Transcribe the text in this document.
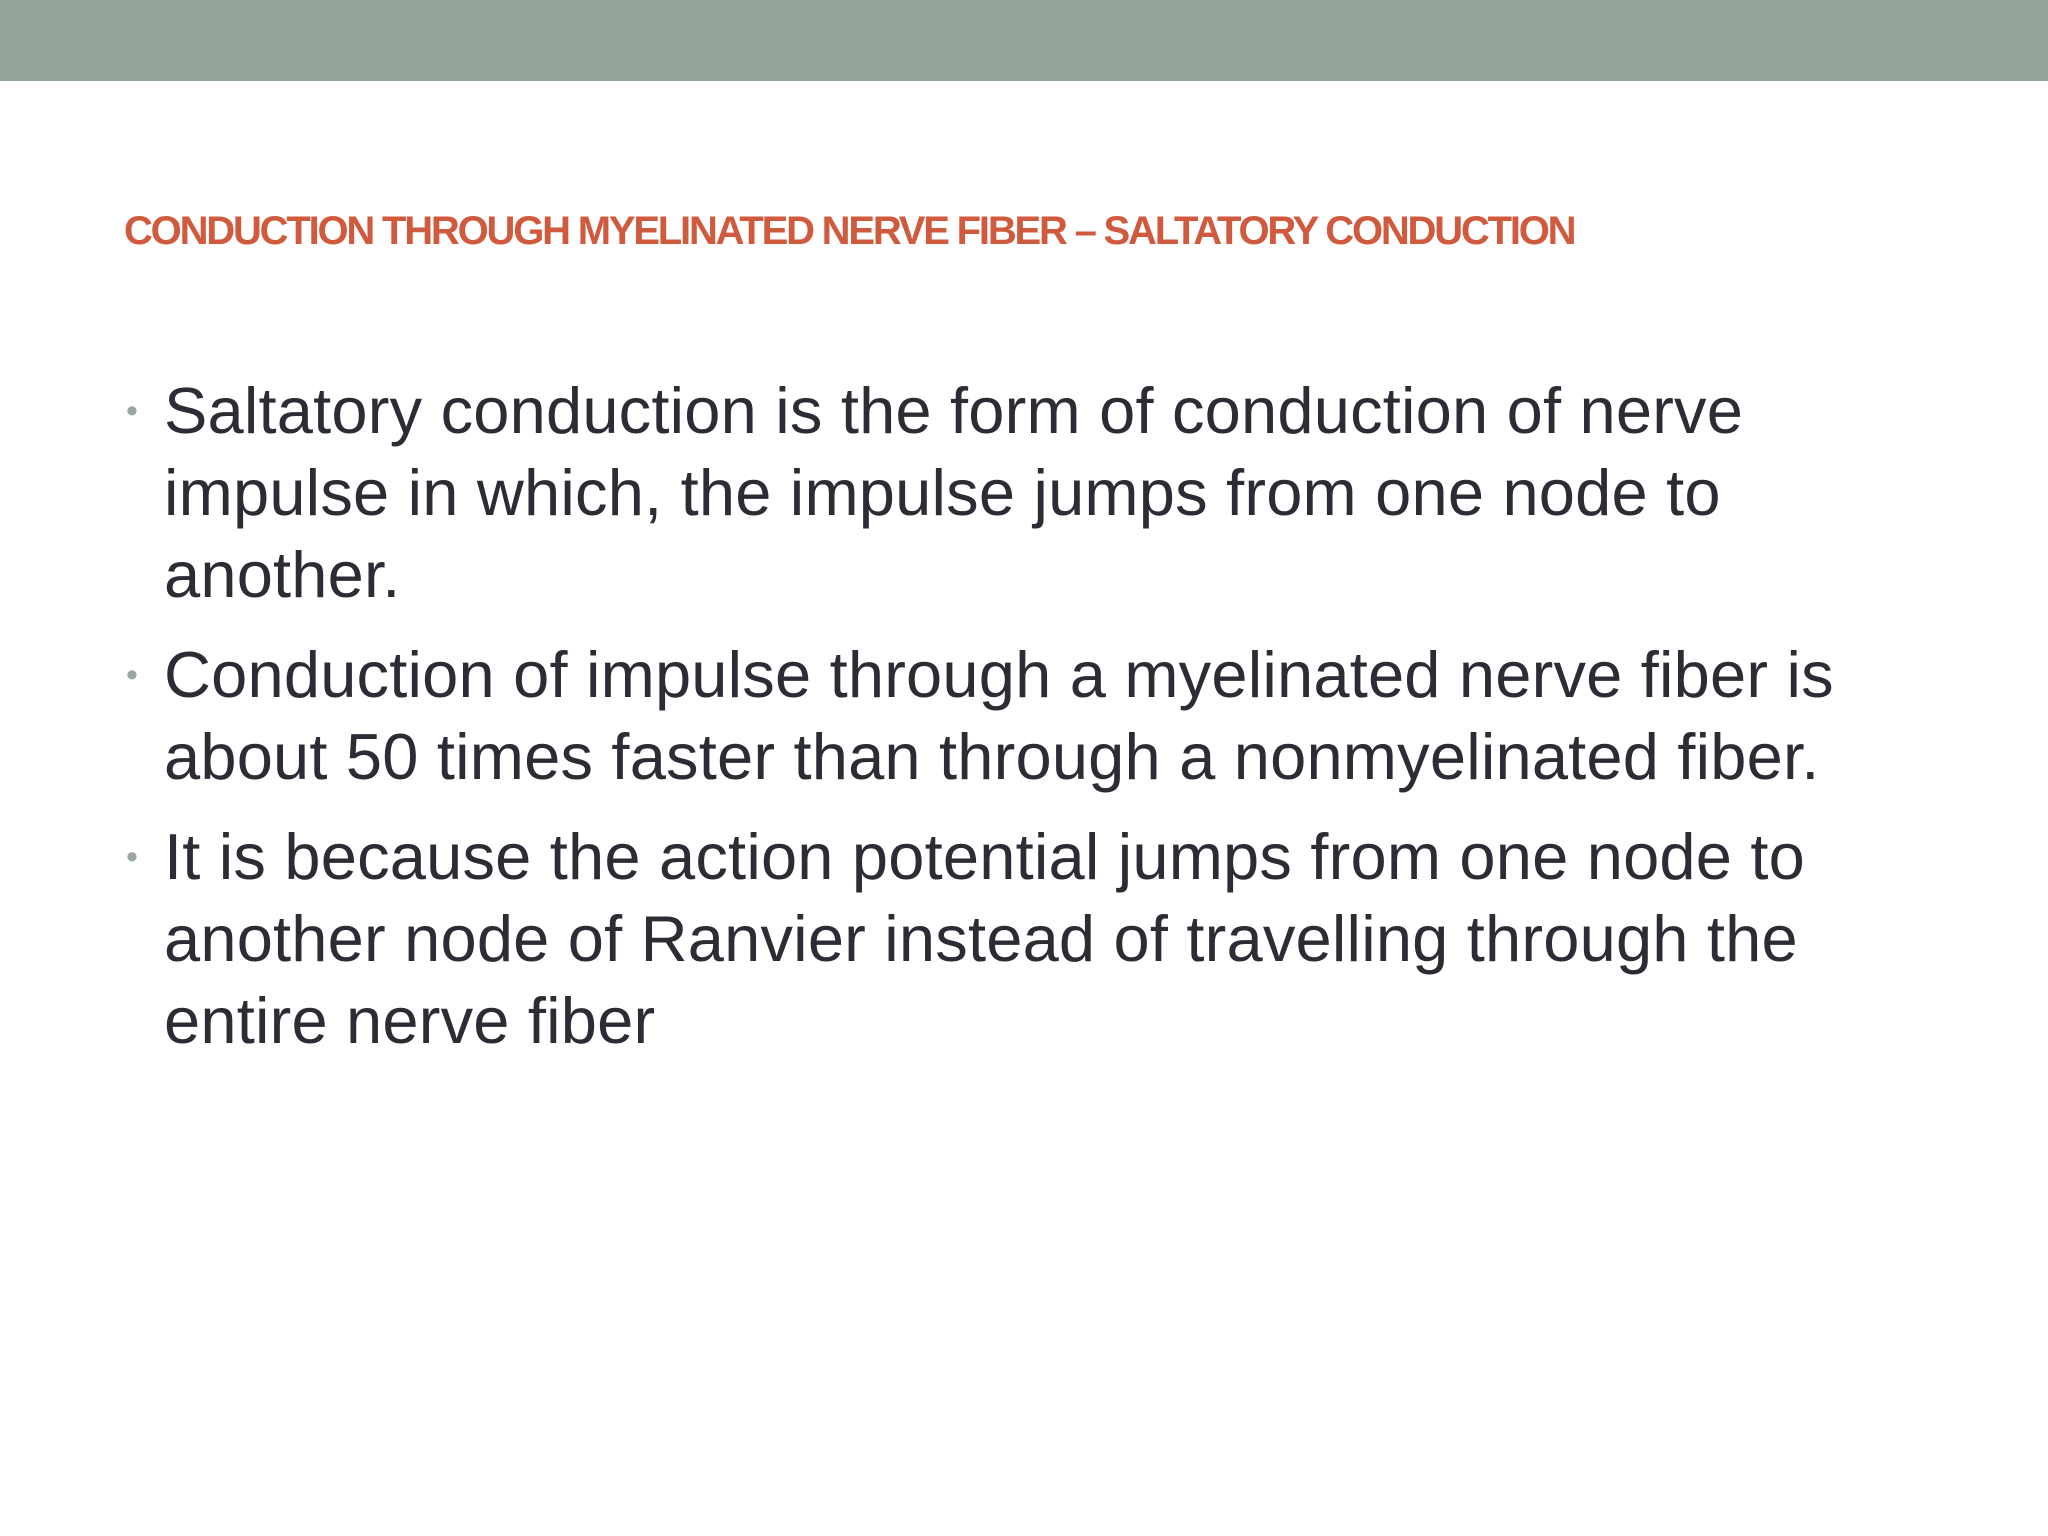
CONDUCTION THROUGH MYELINATED NERVE FIBER – SALTATORY CONDUCTION
• Saltatory conduction is the form of conduction of nerve impulse in which, the impulse jumps from one node to another.
• Conduction of impulse through a myelinated nerve fiber is about 50 times faster than through a nonmyelinated fiber.
• It is because the action potential jumps from one node to another node of Ranvier instead of travelling through the entire nerve fiber
